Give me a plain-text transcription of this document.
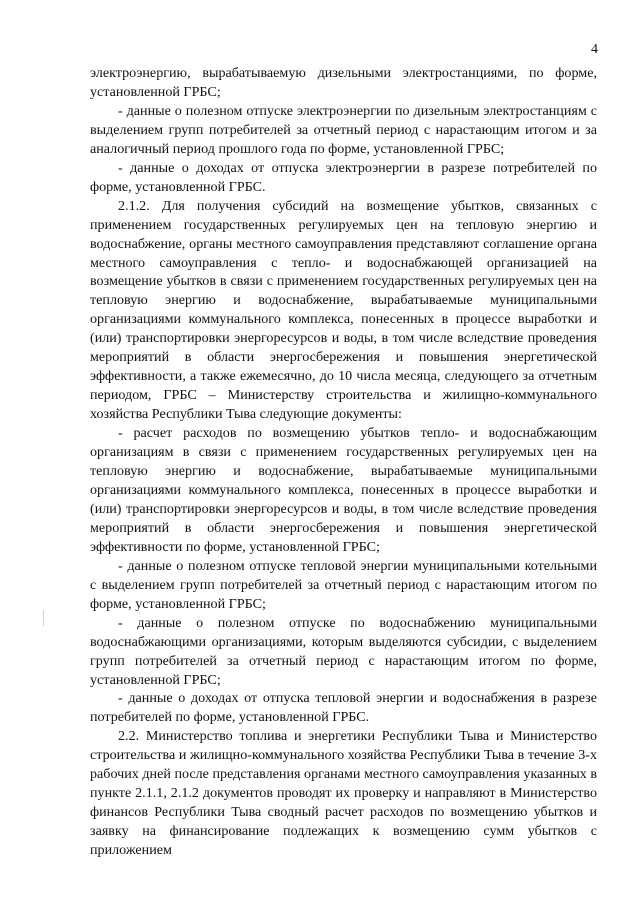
4

электроэнергию, вырабатываемую дизельными электростанциями, по форме, установленной ГРБС;

- данные о полезном отпуске электроэнергии по дизельным электростанциям с выделением групп потребителей за отчетный период с нарастающим итогом и за аналогичный период прошлого года по форме, установленной ГРБС;

- данные о доходах от отпуска электроэнергии в разрезе потребителей по форме, установленной ГРБС.

2.1.2. Для получения субсидий на возмещение убытков, связанных с применением государственных регулируемых цен на тепловую энергию и водоснабжение, органы местного самоуправления представляют соглашение органа местного самоуправления с тепло- и водоснабжающей организацией на возмещение убытков в связи с применением государственных регулируемых цен на тепловую энергию и водоснабжение, вырабатываемые муниципальными организациями коммунального комплекса, понесенных в процессе выработки и (или) транспортировки энергоресурсов и воды, в том числе вследствие проведения мероприятий в области энергосбережения и повышения энергетической эффективности, а также ежемесячно, до 10 числа месяца, следующего за отчетным периодом, ГРБС – Министерству строительства и жилищно-коммунального хозяйства Республики Тыва следующие документы:

- расчет расходов по возмещению убытков тепло- и водоснабжающим организациям в связи с применением государственных регулируемых цен на тепловую энергию и водоснабжение, вырабатываемые муниципальными организациями коммунального комплекса, понесенных в процессе выработки и (или) транспортировки энергоресурсов и воды, в том числе вследствие проведения мероприятий в области энергосбережения и повышения энергетической эффективности по форме, установленной ГРБС;

- данные о полезном отпуске тепловой энергии муниципальными котельными с выделением групп потребителей за отчетный период с нарастающим итогом по форме, установленной ГРБС;

- данные о полезном отпуске по водоснабжению муниципальными водоснабжающими организациями, которым выделяются субсидии, с выделением групп потребителей за отчетный период с нарастающим итогом по форме, установленной ГРБС;

- данные о доходах от отпуска тепловой энергии и водоснабжения в разрезе потребителей по форме, установленной ГРБС.

2.2. Министерство топлива и энергетики Республики Тыва и Министерство строительства и жилищно-коммунального хозяйства Республики Тыва в течение 3-х рабочих дней после представления органами местного самоуправления указанных в пункте 2.1.1, 2.1.2 документов проводят их проверку и направляют в Министерство финансов Республики Тыва сводный расчет расходов по возмещению убытков и заявку на финансирование подлежащих к возмещению сумм убытков с приложением
